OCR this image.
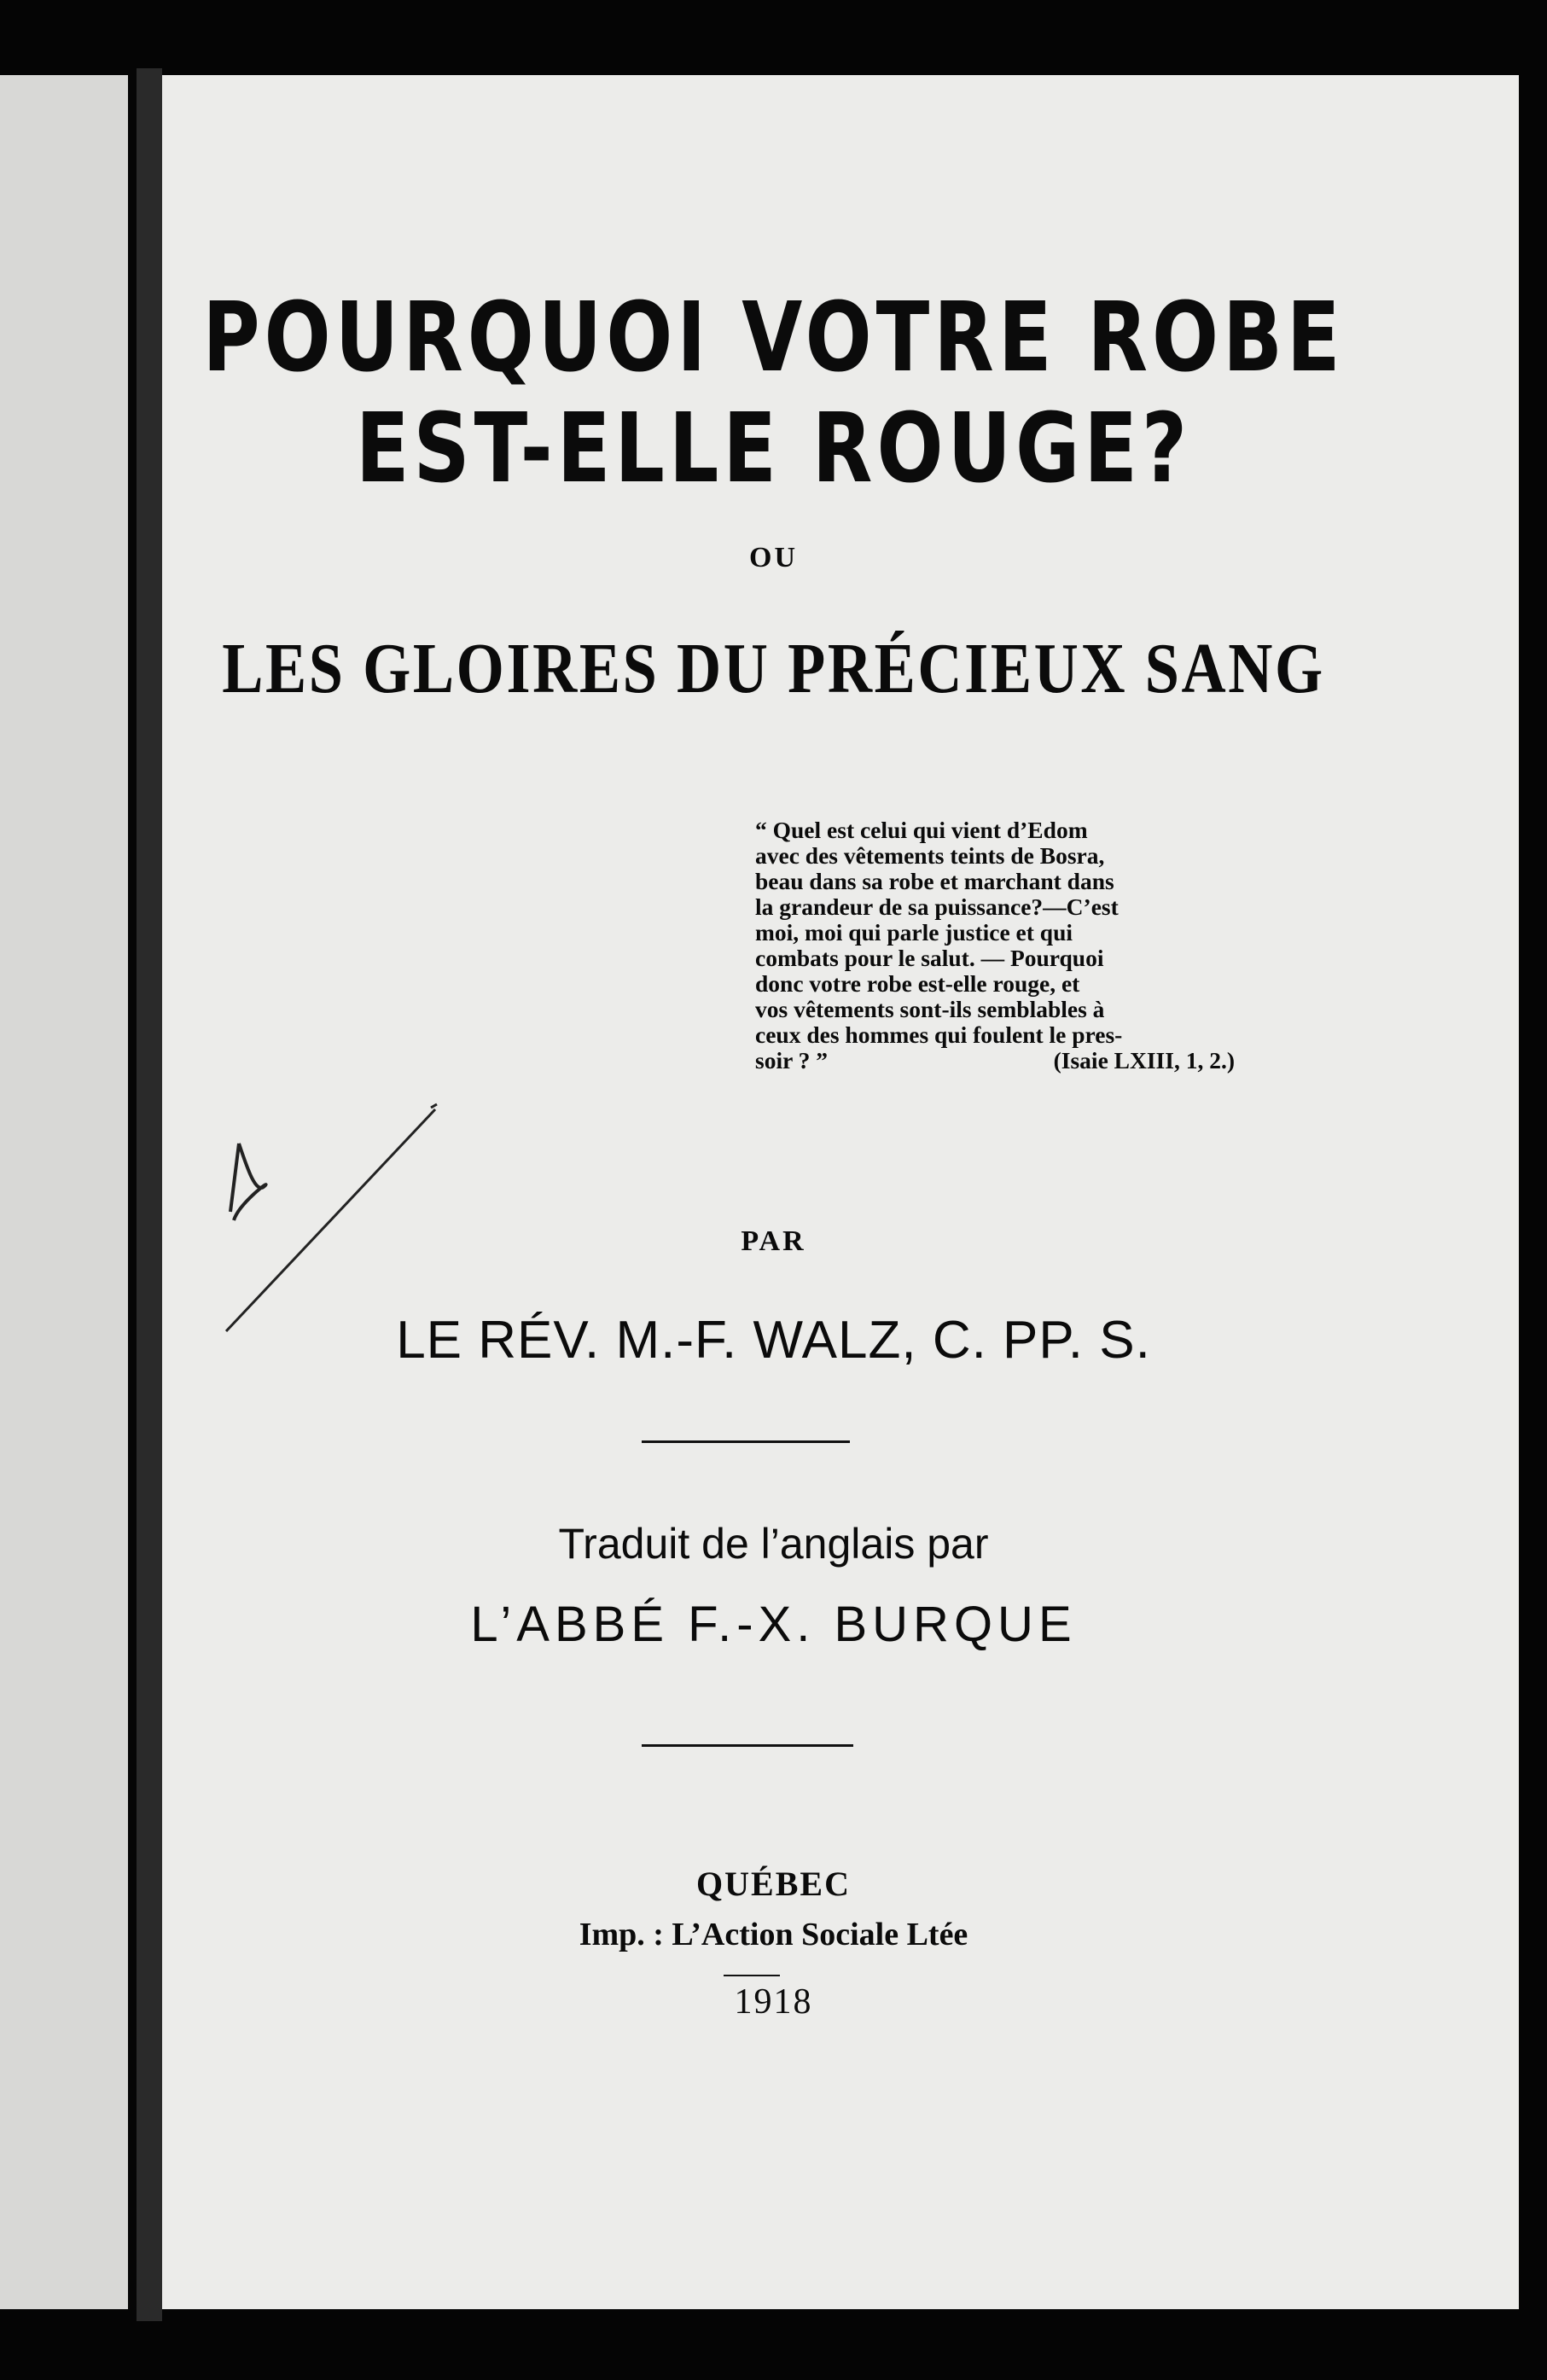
POURQUOI VOTRE ROBE
EST-ELLE ROUGE?

OU

LES GLOIRES DU PRÉCIEUX SANG
“ Quel est celui qui vient d’Edom
avec des vêtements teints de Bosra,
beau dans sa robe et marchant dans
la grandeur de sa puissance?—C’est
moi, moi qui parle justice et qui
combats pour le salut. — Pourquoi
donc votre robe est-elle rouge, et
vos vêtements sont-ils semblables à
ceux des hommes qui foulent le pres-
soir ? ”	(Isaie LXIII, 1, 2.)

PAR

LE RÉV. M.-F. WALZ, C. PP. S.

Traduit de l’anglais par

L’ABBÉ F.-X. BURQUE

QUÉBEC

Imp. : L’Action Sociale Ltée

1918
